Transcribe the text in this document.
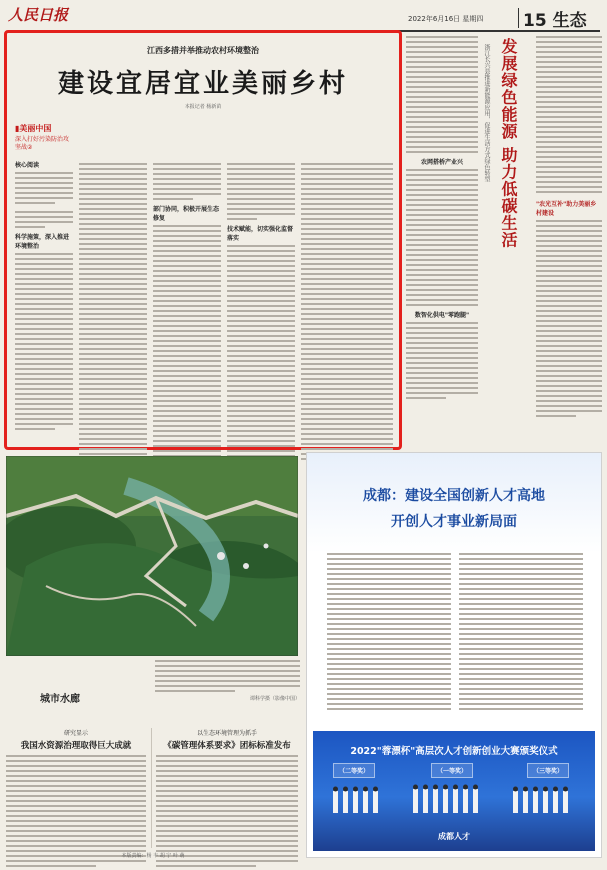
人民日报	2022年6月16日 星期四 15 生态
江西多措并举推动农村环境整治
建设宜居宜业美丽乡村
本报记者 杨新苗
▮美丽中国
深入打好污染防治攻坚战②
核心阅读
科学施策，深入推进环境整治
部门协同，积极开展生态修复
技术赋能，切实强化监督落实
农网搭桥产业兴
数智化供电"零跑腿"
浙江长兴县推进新能源应用，促进生活方式绿色转型 发展绿色能源 助力低碳生活	"农光互补"助力美丽乡村建设
谭科学摄（影像中国）
城市水廊
研究显示
我国水资源治理取得巨大成就
以生态环境管理为抓手
《碳管理体系要求》团标标准发布
成都：建设全国创新人才高地
开创人才事业新局面
2022"蓉漂杯"高层次人才创新创业大赛颁奖仪式
（二等奖）	（一等奖）	（三等奖）
成都人才
本版责编：杨 丰 胡 宁 叶 萌
